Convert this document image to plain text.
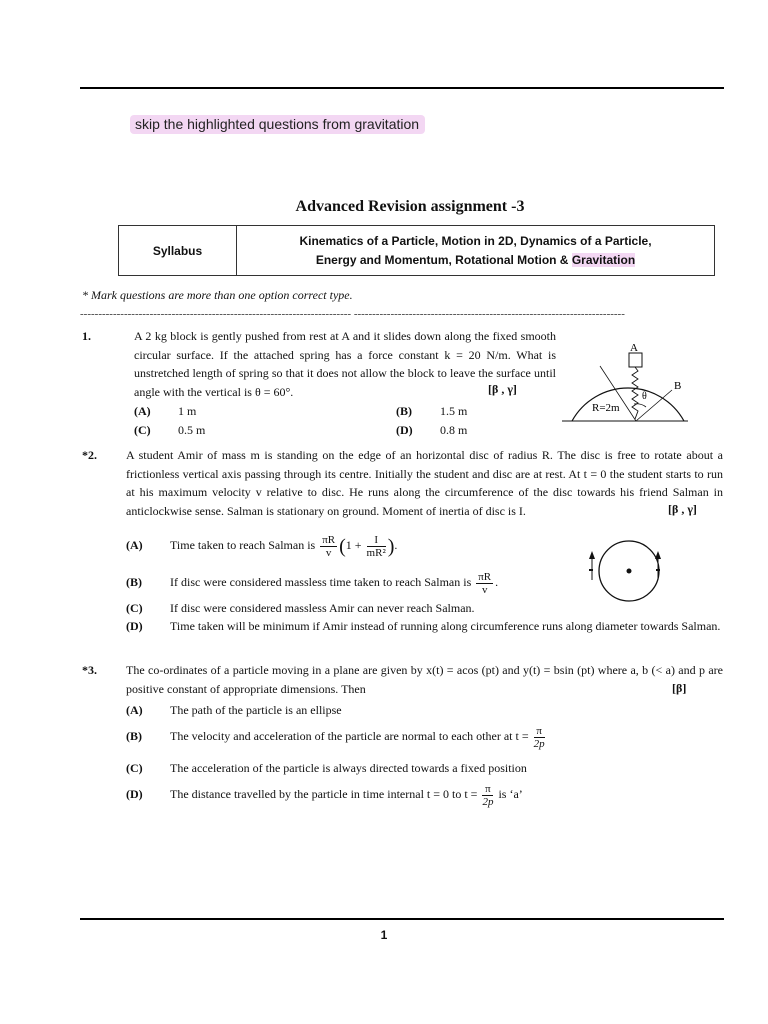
skip the highlighted questions from gravitation
Advanced Revision assignment -3
Syllabus	Kinematics of a Particle, Motion in 2D, Dynamics of a Particle,
Energy and Momentum, Rotational Motion & Gravitation
* Mark questions are more than one option correct type.
-------------------------------------------------------------------------- --------------------------------------------------------------------------
1.	A 2 kg block is gently pushed from rest at A and it slides down along the fixed smooth circular surface. If the attached spring has a force constant k = 20 N/m. What is unstretched length of spring so that it does not allow the block to leave the surface until angle with the vertical is θ = 60°.	[β , γ]
(A) 1 m	(B) 1.5 m
(C) 0.5 m	(D) 0.8 m
A
B
θ
R=2m
*2. A student Amir of mass m is standing on the edge of an horizontal disc of radius R. The disc is free to rotate about a frictionless vertical axis passing through its centre. Initially the student and disc are at rest. At t = 0 the student starts to run at his maximum velocity v relative to disc. He runs along the circumference of the disc towards his friend Salman in anticlockwise sense. Salman is stationary on ground. Moment of inertia of disc is I.	[β , γ]
(A) Time taken to reach Salman is $\frac{\pi R}{v} (1 + \frac{I}{\text{mR²}}$ ).
(B) If disc were considered massless time taken to reach Salman is $\frac{\pi R}{v}$ .
(C) If disc were considered massless Amir can never reach Salman.
(D)	Time taken will be minimum if Amir instead of running along circumference runs along diameter towards Salman.
*3. The co-ordinates of a particle moving in a plane are given by x(t) = acos (pt) and y(t) = bsin (pt) where a, b (< a) and p are positive constant of appropriate dimensions. Then	[β]
(A) The path of the particle is an ellipse
(B) The velocity and acceleration of the particle are normal to each other at $t = \frac{\pi}{2p}$
(C) The acceleration of the particle is always directed towards a fixed position
(D) The distance travelled by the particle in time internal t = 0 to $t = \frac{\pi}{2p}$ is ‘a’
1
